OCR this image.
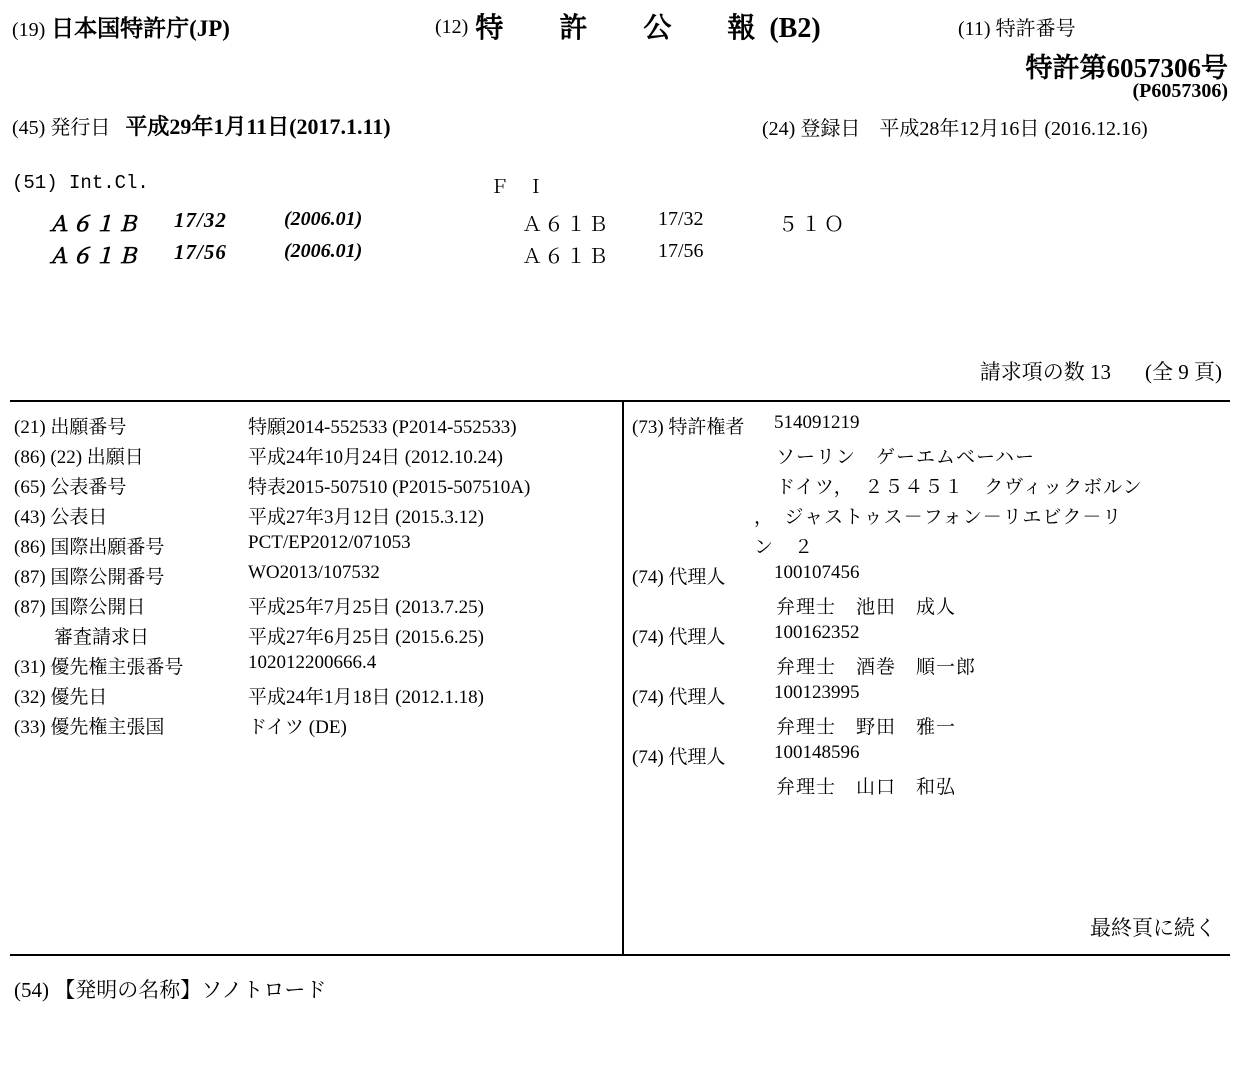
(19) 日本国特許庁(JP)	(12) 特　許　公　報(B2)	(11) 特許番号
特許第6057306号
(P6057306)
(45) 発行日 平成29年1月11日(2017.1.11)	(24) 登録日 平成28年12月16日 (2016.12.16)
(51) Int.Cl.	Ｆ Ｉ
Ａ６１Ｂ 17/32	(2006.01)	Ａ６１Ｂ 17/32	５１Ｏ
Ａ６１Ｂ 17/56	(2006.01)	Ａ６１Ｂ 17/56
請求項の数 13 (全 9 頁)
(21) 出願番号	特願2014-552533 (P2014-552533)
(86) (22) 出願日	平成24年10月24日 (2012.10.24)
(65) 公表番号	特表2015-507510 (P2015-507510A)
(43) 公表日	平成27年3月12日 (2015.3.12)
(86) 国際出願番号	PCT/EP2012/071053
(87) 国際公開番号	WO2013/107532
(87) 国際公開日	平成25年7月25日 (2013.7.25)
審査請求日	平成27年6月25日 (2015.6.25)
(31) 優先権主張番号	102012200666.4
(32) 優先日	平成24年1月18日 (2012.1.18)
(33) 優先権主張国	ドイツ (DE)
(73) 特許権者 514091219
ソーリン　ゲーエムベーハー
ドイツ，　２５４５１　クヴィックボルン
，　ジャストゥス－フォン－リエビク－リ
ン　２
(74) 代理人	100107456
弁理士　池田　成人
(74) 代理人	100162352
弁理士　酒巻　順一郎
(74) 代理人	100123995
弁理士　野田　雅一
(74) 代理人	100148596
弁理士　山口　和弘
最終頁に続く
(54) 【発明の名称】ソノトロード
